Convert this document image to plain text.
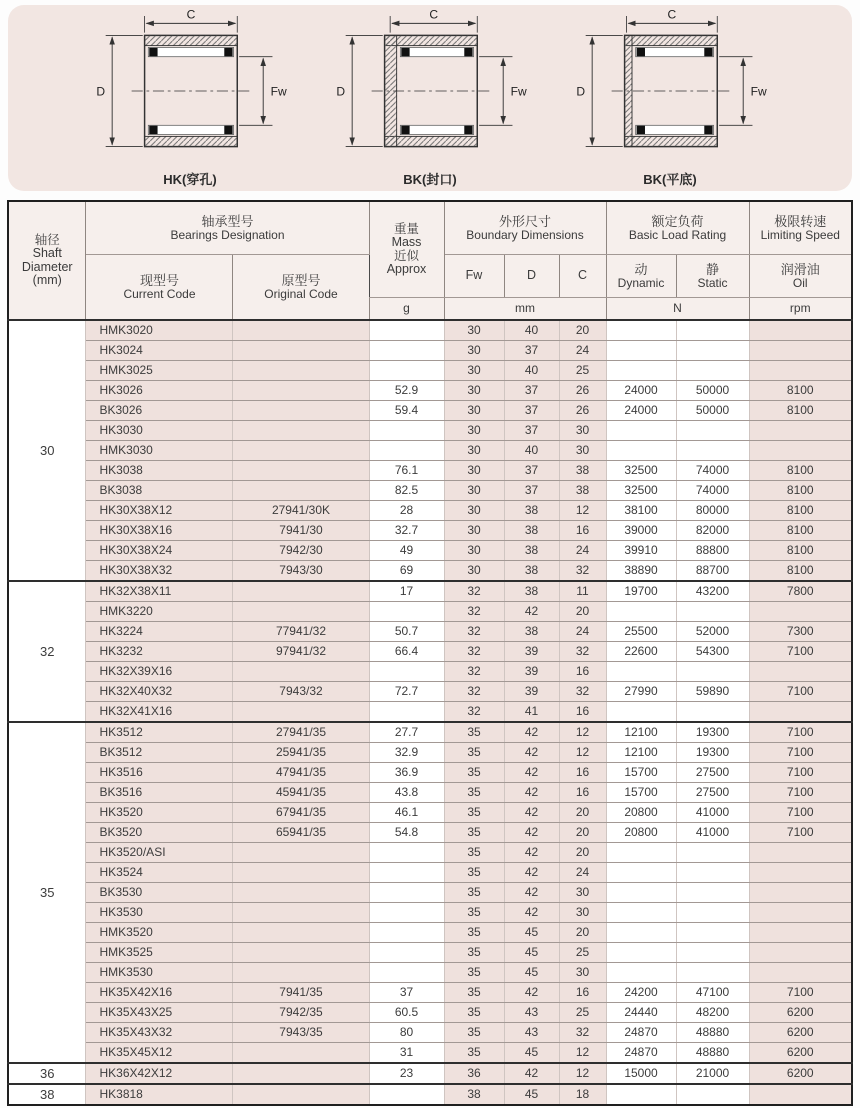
C
D	Fw
HK(穿孔)
C
D	Fw
BK(封口)
C
D	Fw
BK(平底)
轴径
Shaft
Diameter
(mm)	轴承型号
Bearings Designation		重量
Mass
近似
Approx	外形尺寸
Boundary Dimensions			额定负荷
Basic Load Rating		极限转速
Limiting Speed

	现型号
Current Code	原型号
Original Code		Fw	D	C	动
Dynamic	静
Static	润滑油
Oil

			g	mm			N		rpm
30	HMK3020			30	40	20			
	HK3024			30	37	24			
	HMK3025			30	40	25			
	HK3026		52.9	30	37	26	24000	50000	8100
	BK3026		59.4	30	37	26	24000	50000	8100
	HK3030			30	37	30			
	HMK3030			30	40	30			
	HK3038		76.1	30	37	38	32500	74000	8100
	BK3038		82.5	30	37	38	32500	74000	8100
	HK30X38X12	27941/30K	28	30	38	12	38100	80000	8100
	HK30X38X16	7941/30	32.7	30	38	16	39000	82000	8100
	HK30X38X24	7942/30	49	30	38	24	39910	88800	8100
	HK30X38X32	7943/30	69	30	38	32	38890	88700	8100
32	HK32X38X11		17	32	38	11	19700	43200	7800
	HMK3220			32	42	20			
	HK3224	77941/32	50.7	32	38	24	25500	52000	7300
	HK3232	97941/32	66.4	32	39	32	22600	54300	7100
	HK32X39X16			32	39	16			
	HK32X40X32	7943/32	72.7	32	39	32	27990	59890	7100
	HK32X41X16			32	41	16			
35	HK3512	27941/35	27.7	35	42	12	12100	19300	7100
	BK3512	25941/35	32.9	35	42	12	12100	19300	7100
	HK3516	47941/35	36.9	35	42	16	15700	27500	7100
	BK3516	45941/35	43.8	35	42	16	15700	27500	7100
	HK3520	67941/35	46.1	35	42	20	20800	41000	7100
	BK3520	65941/35	54.8	35	42	20	20800	41000	7100
	HK3520/ASI			35	42	20			
	HK3524			35	42	24			
	BK3530			35	42	30			
	HK3530			35	42	30			
	HMK3520			35	45	20			
	HMK3525			35	45	25			
	HMK3530			35	45	30			
	HK35X42X16	7941/35	37	35	42	16	24200	47100	7100
	HK35X43X25	7942/35	60.5	35	43	25	24440	48200	6200
	HK35X43X32	7943/35	80	35	43	32	24870	48880	6200
	HK35X45X12		31	35	45	12	24870	48880	6200
36	HK36X42X12		23	36	42	12	15000	21000	6200
38	HK3818			38	45	18			
